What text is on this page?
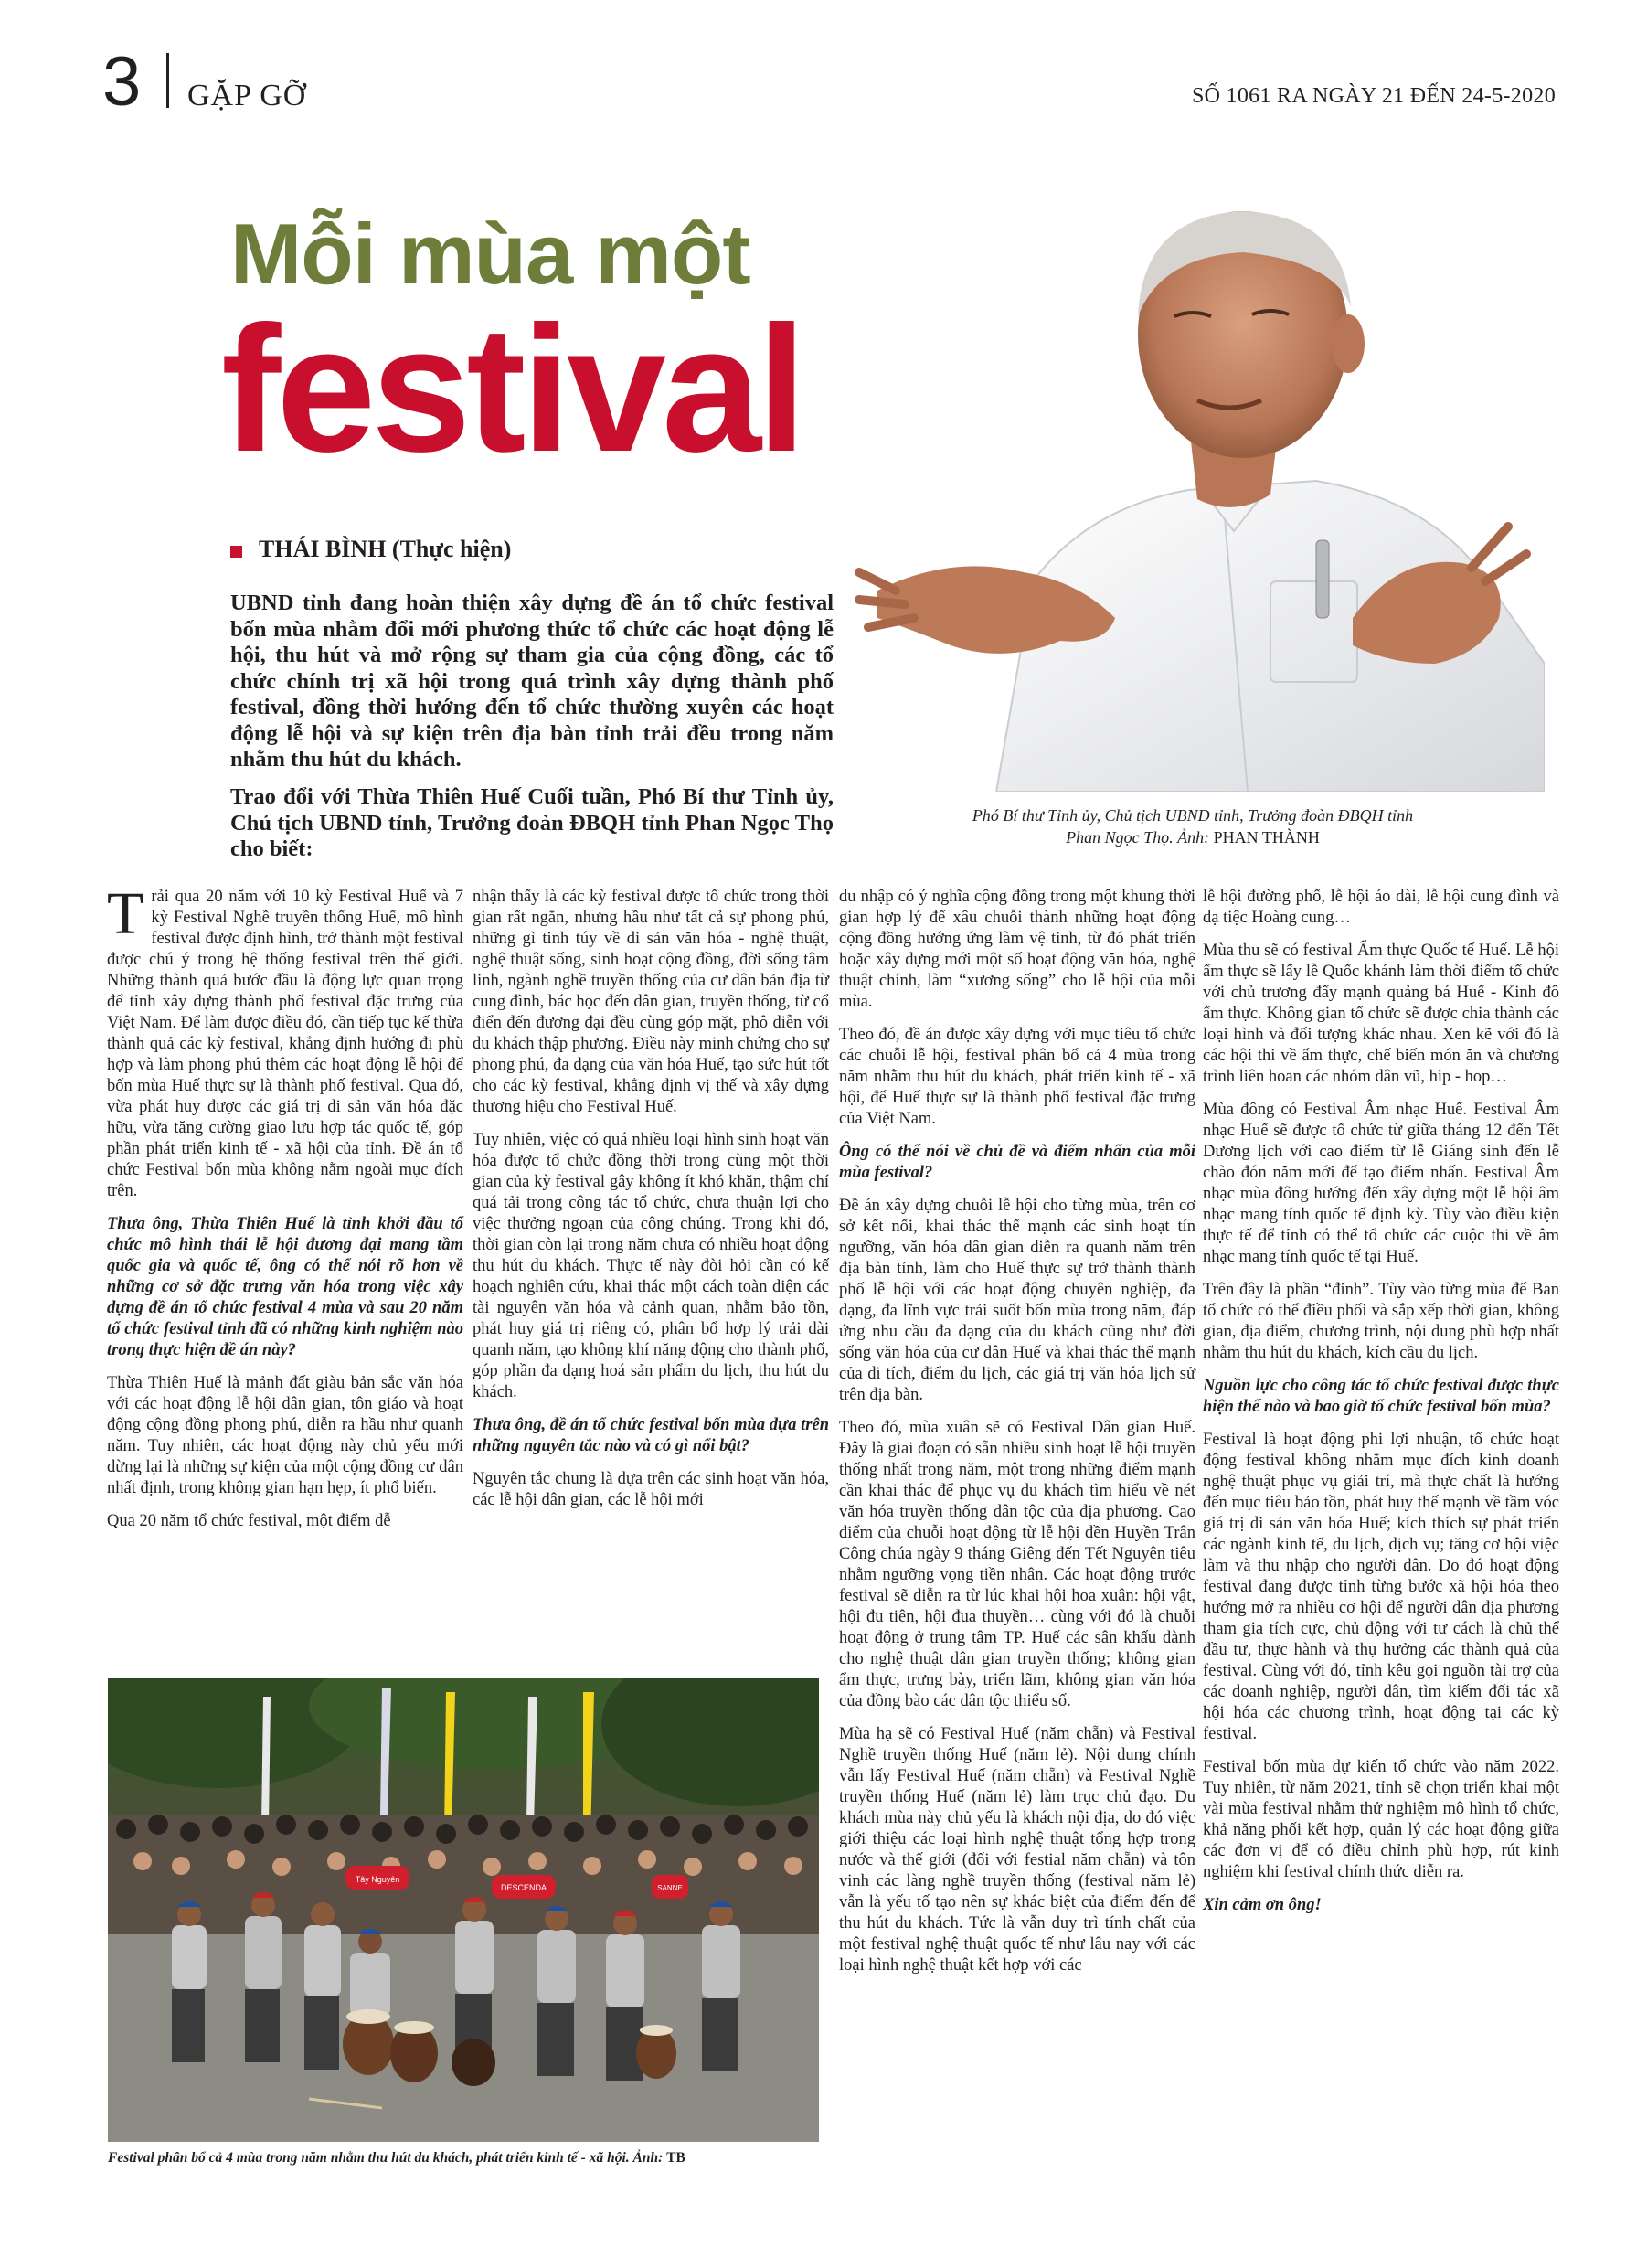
3 GẶP GỠ	SỐ 1061 RA NGÀY 21 ĐẾN 24-5-2020
Mỗi mùa một
festival
THÁI BÌNH (Thực hiện)
UBND tỉnh đang hoàn thiện xây dựng đề án tổ chức festival bốn mùa nhằm đổi mới phương thức tổ chức các hoạt động lễ hội, thu hút và mở rộng sự tham gia của cộng đồng, các tổ chức chính trị xã hội trong quá trình xây dựng thành phố festival, đồng thời hướng đến tổ chức thường xuyên các hoạt động lễ hội và sự kiện trên địa bàn tỉnh trải đều trong năm nhằm thu hút du khách.
Trao đổi với Thừa Thiên Huế Cuối tuần, Phó Bí thư Tỉnh ủy, Chủ tịch UBND tỉnh, Trưởng đoàn ĐBQH tỉnh Phan Ngọc Thọ cho biết:
Phó Bí thư Tỉnh ủy, Chủ tịch UBND tỉnh, Trưởng đoàn ĐBQH tỉnh
Phan Ngọc Thọ. Ảnh: PHAN THÀNH

Trải qua 20 năm với 10 kỳ Festival Huế và 7 kỳ Festival Nghề truyền thống Huế, mô hình festival được định hình, trở thành một festival được chú ý trong hệ thống festival trên thế giới. Những thành quả bước đầu là động lực quan trọng để tỉnh xây dựng thành phố festival đặc trưng của Việt Nam. Để làm được điều đó, cần tiếp tục kế thừa thành quả các kỳ festival, khẳng định hướng đi phù hợp và làm phong phú thêm các hoạt động lễ hội để bốn mùa Huế thực sự là thành phố festival. Qua đó, vừa phát huy được các giá trị di sản văn hóa đặc hữu, vừa tăng cường giao lưu hợp tác quốc tế, góp phần phát triển kinh tế - xã hội của tỉnh. Đề án tổ chức Festival bốn mùa không nằm ngoài mục đích trên.

Thưa ông, Thừa Thiên Huế là tỉnh khởi đầu tổ chức mô hình thái lễ hội đương đại mang tầm quốc gia và quốc tế, ông có thể nói rõ hơn về những cơ sở đặc trưng văn hóa trong việc xây dựng đề án tổ chức festival 4 mùa và sau 20 năm tổ chức festival tỉnh đã có những kinh nghiệm nào trong thực hiện đề án này?

Thừa Thiên Huế là mảnh đất giàu bản sắc văn hóa với các hoạt động lễ hội dân gian, tôn giáo và hoạt động cộng đồng phong phú, diễn ra hầu như quanh năm. Tuy nhiên, các hoạt động này chủ yếu mới dừng lại là những sự kiện của một cộng đồng cư dân nhất định, trong không gian hạn hẹp, ít phổ biến.

Qua 20 năm tổ chức festival, một điểm dễ

nhận thấy là các kỳ festival được tổ chức trong thời gian rất ngắn, nhưng hầu như tất cả sự phong phú, những gì tinh túy về di sản văn hóa - nghệ thuật, nghệ thuật sống, sinh hoạt cộng đồng, đời sống tâm linh, ngành nghề truyền thống của cư dân bản địa từ cung đình, bác học đến dân gian, truyền thống, từ cổ điển đến đương đại đều cùng góp mặt, phô diễn với du khách thập phương. Điều này minh chứng cho sự phong phú, đa dạng của văn hóa Huế, tạo sức hút tốt cho các kỳ festival, khẳng định vị thế và xây dựng thương hiệu cho Festival Huế.

Tuy nhiên, việc có quá nhiều loại hình sinh hoạt văn hóa được tổ chức đồng thời trong cùng một thời gian của kỳ festival gây không ít khó khăn, thậm chí quá tải trong công tác tổ chức, chưa thuận lợi cho việc thưởng ngoạn của công chúng. Trong khi đó, thời gian còn lại trong năm chưa có nhiều hoạt động thu hút du khách. Thực tế này đòi hỏi cần có kế hoạch nghiên cứu, khai thác một cách toàn diện các tài nguyên văn hóa và cảnh quan, nhằm bảo tồn, phát huy giá trị riêng có, phân bổ hợp lý trải dài quanh năm, tạo không khí năng động cho thành phố, góp phần đa dạng hoá sản phẩm du lịch, thu hút du khách.

Thưa ông, đề án tổ chức festival bốn mùa dựa trên những nguyên tắc nào và có gì nổi bật?

Nguyên tắc chung là dựa trên các sinh hoạt văn hóa, các lễ hội dân gian, các lễ hội mới

du nhập có ý nghĩa cộng đồng trong một khung thời gian hợp lý để xâu chuỗi thành những hoạt động cộng đồng hướng ứng làm vệ tinh, từ đó phát triển hoặc xây dựng mới một số hoạt động văn hóa, nghệ thuật chính, làm “xương sống” cho lễ hội của mỗi mùa.

Theo đó, đề án được xây dựng với mục tiêu tổ chức các chuỗi lễ hội, festival phân bổ cả 4 mùa trong năm nhằm thu hút du khách, phát triển kinh tế - xã hội, để Huế thực sự là thành phố festival đặc trưng của Việt Nam.

Ông có thể nói về chủ đề và điểm nhấn của mỗi mùa festival?

Đề án xây dựng chuỗi lễ hội cho từng mùa, trên cơ sở kết nối, khai thác thế mạnh các sinh hoạt tín ngưỡng, văn hóa dân gian diễn ra quanh năm trên địa bàn tỉnh, làm cho Huế thực sự trở thành thành phố lễ hội với các hoạt động chuyên nghiệp, đa dạng, đa lĩnh vực trải suốt bốn mùa trong năm, đáp ứng nhu cầu đa dạng của du khách cũng như đời sống văn hóa của cư dân Huế và khai thác thế mạnh của di tích, điểm du lịch, các giá trị văn hóa lịch sử trên địa bàn.

Theo đó, mùa xuân sẽ có Festival Dân gian Huế. Đây là giai đoạn có sẵn nhiều sinh hoạt lễ hội truyền thống nhất trong năm, một trong những điểm mạnh cần khai thác để phục vụ du khách tìm hiểu về nét văn hóa truyền thống dân tộc của địa phương. Cao điểm của chuỗi hoạt động từ lễ hội đền Huyền Trân Công chúa ngày 9 tháng Giêng đến Tết Nguyên tiêu nhằm ngưỡng vọng tiền nhân. Các hoạt động trước festival sẽ diễn ra từ lúc khai hội hoa xuân: hội vật, hội đu tiên, hội đua thuyền… cùng với đó là chuỗi hoạt động ở trung tâm TP. Huế các sân khấu dành cho nghệ thuật dân gian truyền thống; không gian ẩm thực, trưng bày, triển lãm, không gian văn hóa của đồng bào các dân tộc thiểu số.

Mùa hạ sẽ có Festival Huế (năm chẵn) và Festival Nghề truyền thống Huế (năm lẻ). Nội dung chính vẫn lấy Festival Huế (năm chẵn) và Festival Nghề truyền thống Huế (năm lẻ) làm trục chủ đạo. Du khách mùa này chủ yếu là khách nội địa, do đó việc giới thiệu các loại hình nghệ thuật tổng hợp trong nước và thế giới (đối với festial năm chẵn) và tôn vinh các làng nghề truyền thống (festival năm lẻ) vẫn là yếu tố tạo nên sự khác biệt của điểm đến để thu hút du khách. Tức là vẫn duy trì tính chất của một festival nghệ thuật quốc tế như lâu nay với các loại hình nghệ thuật kết hợp với các

lễ hội đường phố, lễ hội áo dài, lễ hội cung đình và dạ tiệc Hoàng cung…

Mùa thu sẽ có festival Ẩm thực Quốc tế Huế. Lễ hội ẩm thực sẽ lấy lễ Quốc khánh làm thời điểm tổ chức với chủ trương đẩy mạnh quảng bá Huế - Kinh đô ẩm thực. Không gian tổ chức sẽ được chia thành các loại hình và đối tượng khác nhau. Xen kẽ với đó là các hội thi về ẩm thực, chế biến món ăn và chương trình liên hoan các nhóm dân vũ, hip - hop…

Mùa đông có Festival Âm nhạc Huế. Festival Âm nhạc Huế sẽ được tổ chức từ giữa tháng 12 đến Tết Dương lịch với cao điểm từ lễ Giáng sinh đến lễ chào đón năm mới để tạo điểm nhấn. Festival Âm nhạc mùa đông hướng đến xây dựng một lễ hội âm nhạc mang tính quốc tế định kỳ. Tùy vào điều kiện thực tế để tỉnh có thể tổ chức các cuộc thi về âm nhạc mang tính quốc tế tại Huế.

Trên đây là phần “đinh”. Tùy vào từng mùa để Ban tổ chức có thể điều phối và sắp xếp thời gian, không gian, địa điểm, chương trình, nội dung phù hợp nhất nhằm thu hút du khách, kích cầu du lịch.

Nguồn lực cho công tác tổ chức festival được thực hiện thế nào và bao giờ tổ chức festival bốn mùa?

Festival là hoạt động phi lợi nhuận, tổ chức hoạt động festival không nhằm mục đích kinh doanh nghệ thuật phục vụ giải trí, mà thực chất là hướng đến mục tiêu bảo tồn, phát huy thế mạnh về tầm vóc giá trị di sản văn hóa Huế; kích thích sự phát triển các ngành kinh tế, du lịch, dịch vụ; tăng cơ hội việc làm và thu nhập cho người dân. Do đó hoạt động festival đang được tỉnh từng bước xã hội hóa theo hướng mở ra nhiều cơ hội để người dân địa phương tham gia tích cực, chủ động với tư cách là chủ thể đầu tư, thực hành và thụ hưởng các thành quả của festival. Cùng với đó, tỉnh kêu gọi nguồn tài trợ của các doanh nghiệp, người dân, tìm kiếm đối tác xã hội hóa các chương trình, hoạt động tại các kỳ festival.

Festival bốn mùa dự kiến tổ chức vào năm 2022. Tuy nhiên, từ năm 2021, tỉnh sẽ chọn triển khai một vài mùa festival nhằm thử nghiệm mô hình tổ chức, khả năng phối kết hợp, quản lý các hoạt động giữa các đơn vị để có điều chỉnh phù hợp, rút kinh nghiệm khi festival chính thức diễn ra.

Xin cảm ơn ông!

Tây Nguyên
DESCENDA	SANNE
Festival phân bổ cả 4 mùa trong năm nhằm thu hút du khách, phát triển kinh tế - xã hội. Ảnh: TB
